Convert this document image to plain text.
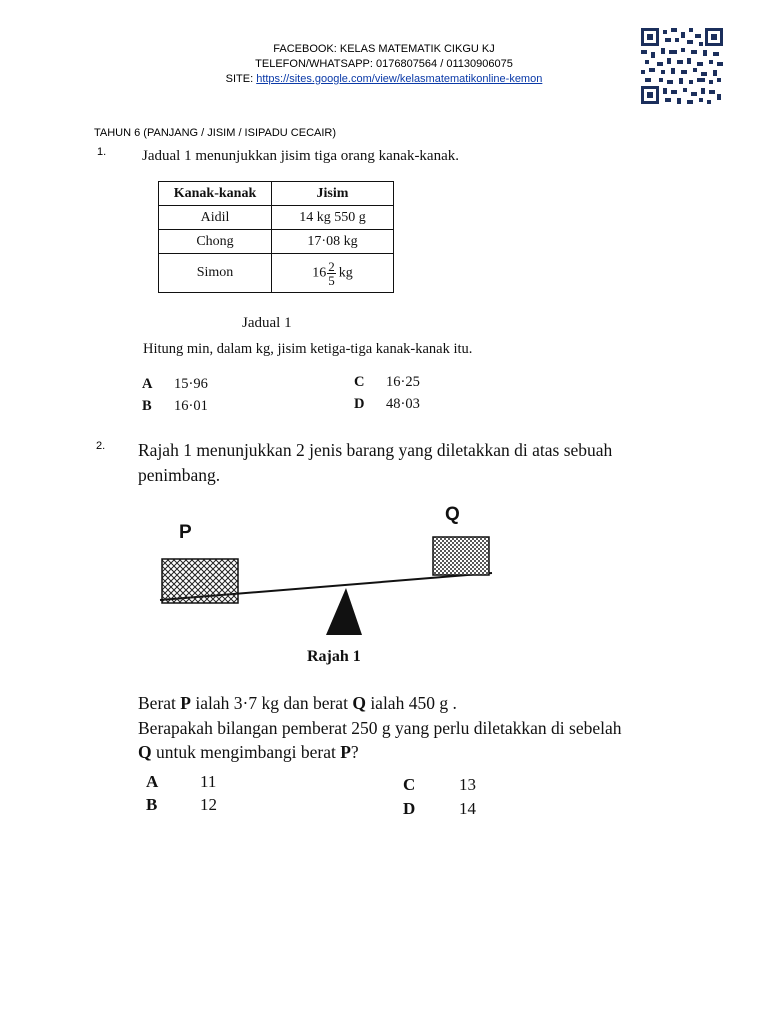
FACEBOOK: KELAS MATEMATIK CIKGU KJ
TELEFON/WHATSAPP: 0176807564 / 01130906075
SITE: https://sites.google.com/view/kelasmatematikonline-kemon
TAHUN 6 (PANJANG / JISIM / ISIPADU CECAIR)
1. Jadual 1 menunjukkan jisim tiga orang kanak-kanak.
Kanak-kanak	Jisim
Aidil	14 kg 550 g
Chong	17·08 kg
Simon	$16 \frac{2}{5}$ kg
Jadual 1
Hitung min, dalam kg, jisim ketiga-tiga kanak-kanak itu.
A 15·96
B 16·01
C 16·25
D 48·03
2. Rajah 1 menunjukkan 2 jenis barang yang diletakkan di atas sebuah
penimbang.
P
Q
Rajah 1
Berat P ialah 3·7 kg dan berat Q ialah 450 g .
Berapakah bilangan pemberat 250 g yang perlu diletakkan di sebelah
Q untuk mengimbangi berat P?
A 11
B	12
C	13
D	14
